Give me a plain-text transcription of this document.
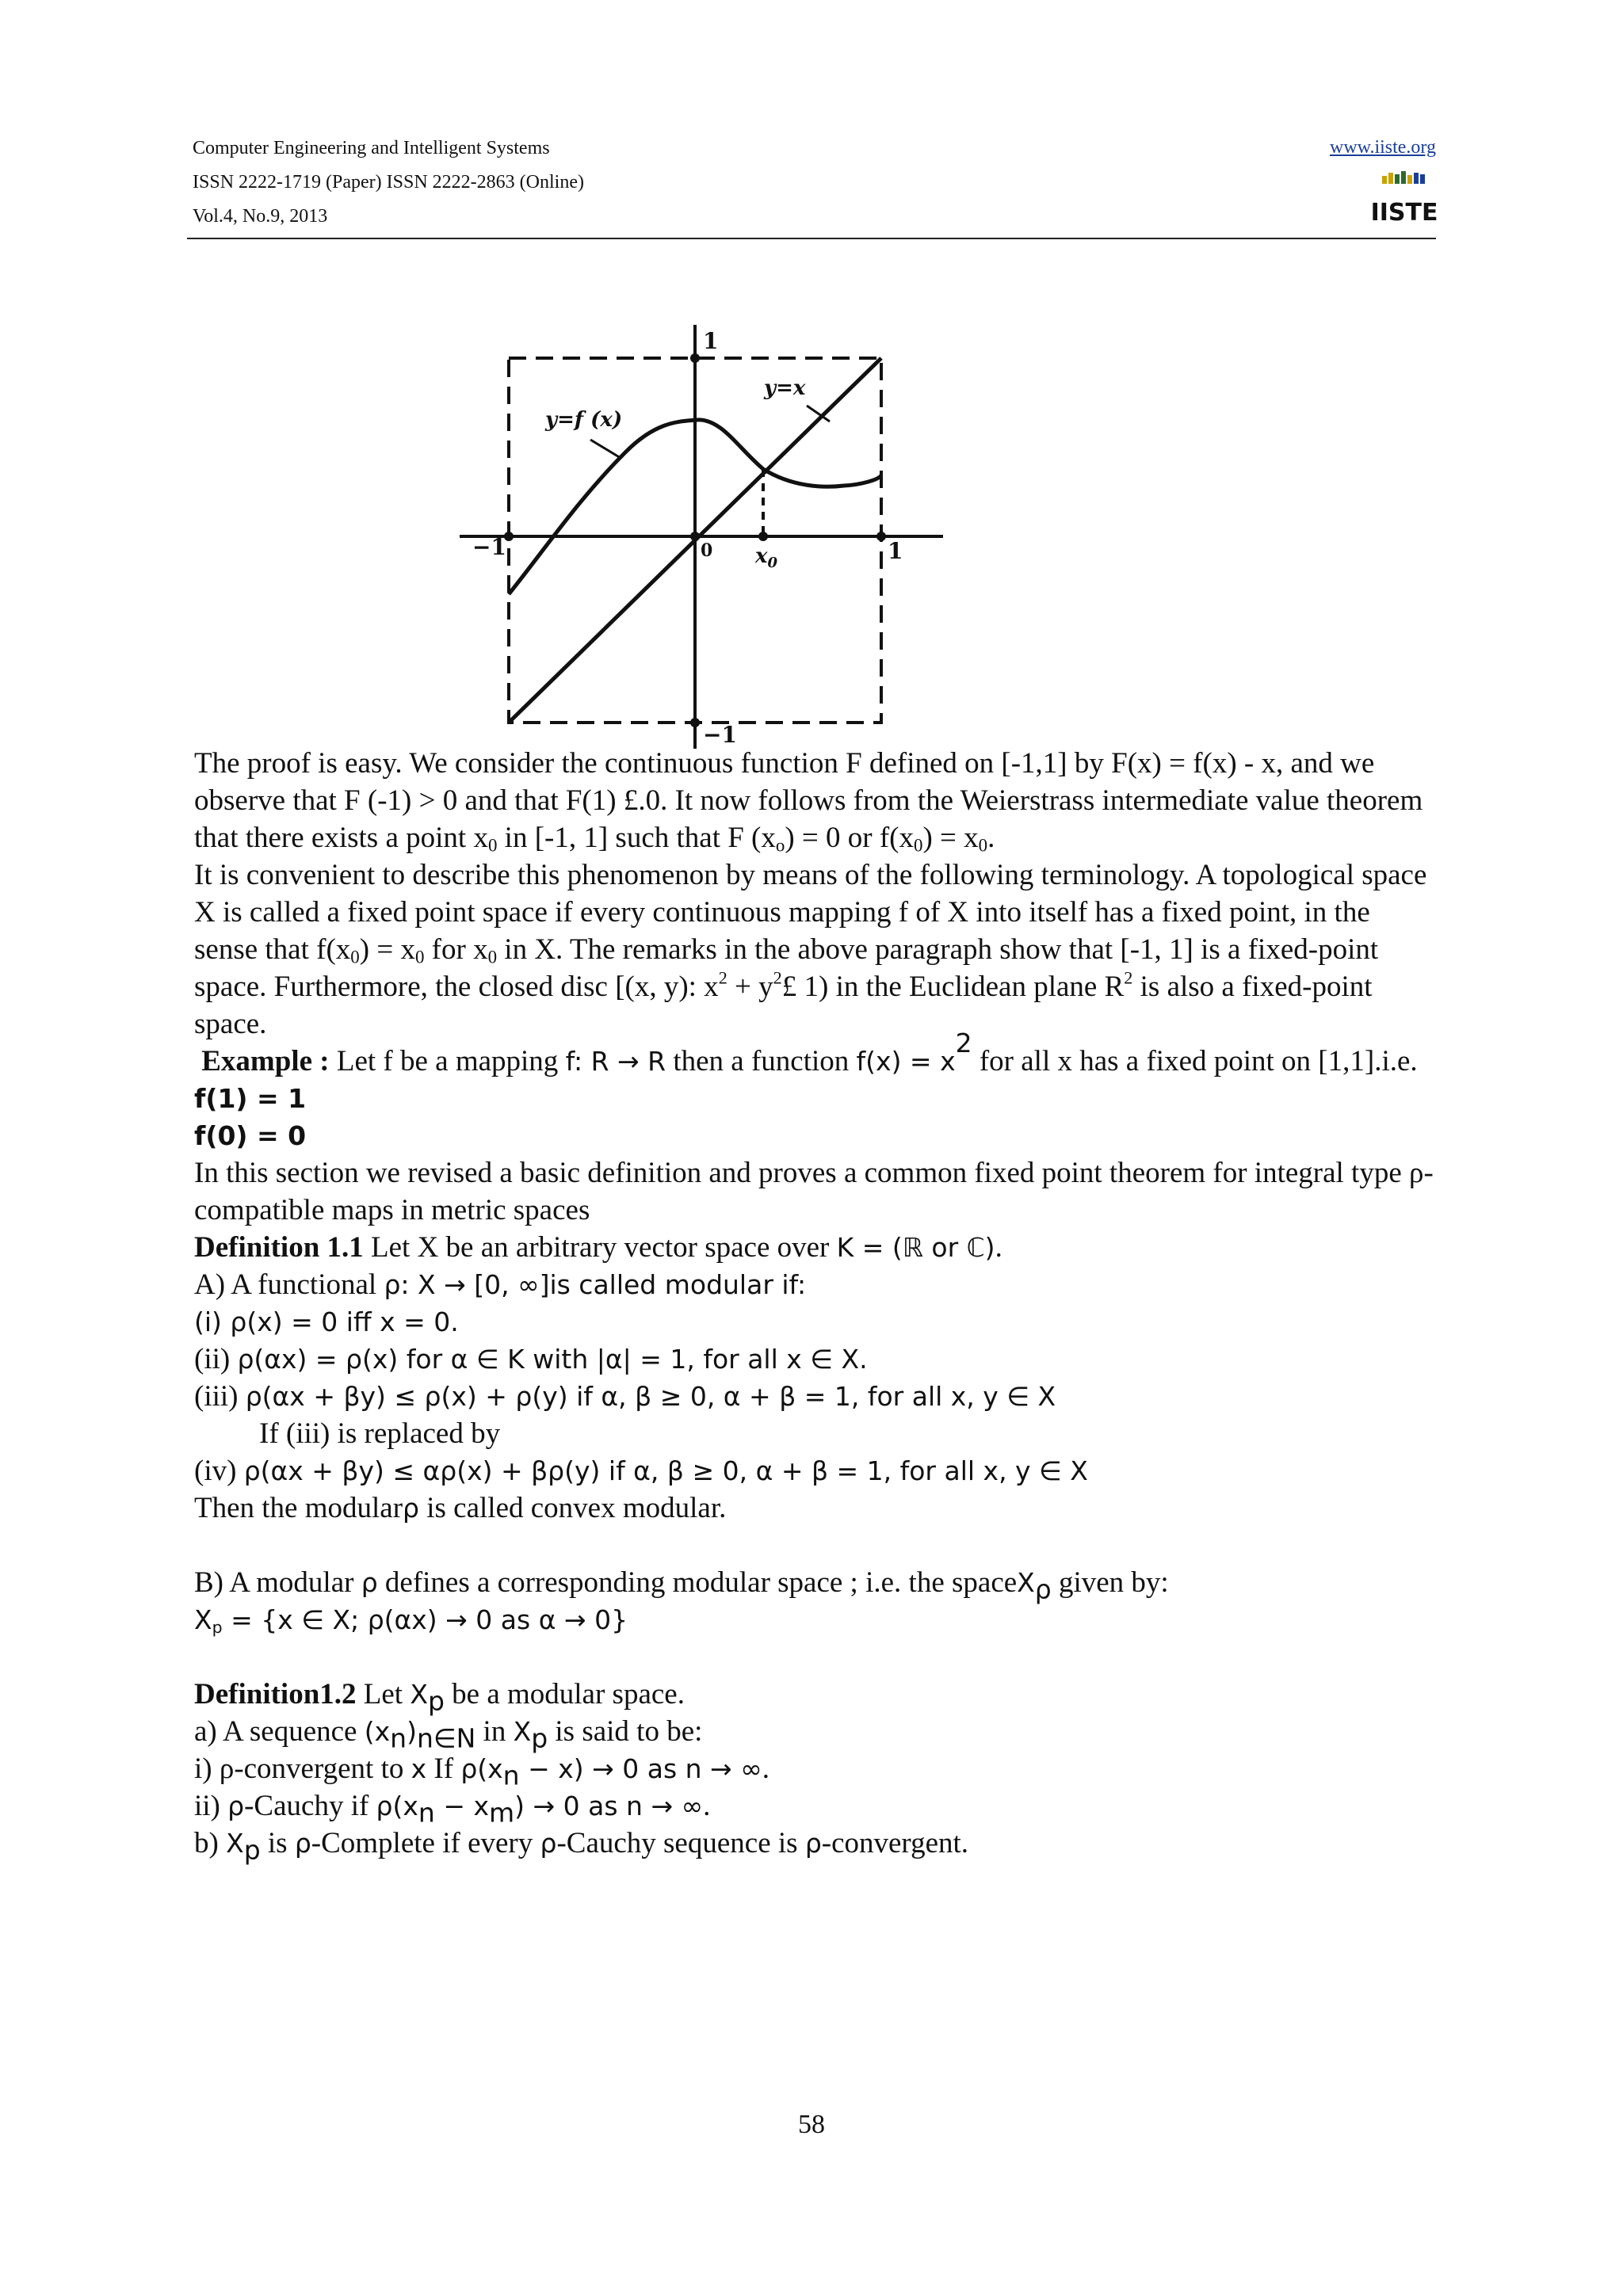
Computer Engineering and Intelligent Systems
ISSN 2222-1719 (Paper) ISSN 2222-2863 (Online)
Vol.4, No.9, 2013
www.iiste.org
IISTE
1
−1
−1	1
0 $x_0$
y=f (x)
y=x

The proof is easy. We consider the continuous function F defined on [-1,1] by F(x) = f(x) - x, and we observe that F (-1) > 0 and that F(1) £.0. It now follows from the Weierstrass intermediate value theorem that there exists a point $x_0$ in [-1, 1] such that F $(x_o) = 0$ or $f(x_0) = x_0$.

It is convenient to describe this phenomenon by means of the following terminology. A topological space X is called a fixed point space if every continuous mapping f of X into itself has a fixed point, in the sense that $f(x_0) = x_0$ for $x_0$ in X. The remarks in the above paragraph show that [-1, 1] is a fixed-point space. Furthermore, the closed disc [(x, y): $x^2$ + $y^2£$ 1) in the Euclidean plane $R^2$ is also a fixed-point space.

Example : Let f be a mapping f: R → R then a function $f(x) = x^2$ for all x has a fixed point on [1,1].i.e.

f(1) = 1

f(0) = 0

In this section we revised a basic definition and proves a common fixed point theorem for integral type ρ-compatible maps in metric spaces

Definition 1.1 Let X be an arbitrary vector space over K = (ℝ or ℂ).

A) A functional ρ: X → [0, ∞]is called modular if:

(i) ρ(x) = 0 iff x = 0.

(ii) ρ(αx) = ρ(x) for α ∈ K with |α| = 1, for all x ∈ X.

(iii) ρ(αx + βy) ≤ ρ(x) + ρ(y) if α, β ≥ 0, α + β = 1, for all x, y ∈ X

If (iii) is replaced by

(iv) ρ(αx + βy) ≤ αρ(x) + βρ(y) if α, β ≥ 0, α + β = 1, for all x, y ∈ X

Then the modularρ is called convex modular.

B) A modular ρ defines a corresponding modular space ; i.e. the spaceX$_\rho$ given by:

$X_p = \{x$ ∈ X; ρ(αx) → 0 as α → 0}

Definition1.2 Let $X_p$ be a modular space.

a) A sequence $(x_n)_{n\in N}$ in $X_p$ is said to be:

i) ρ-convergent to x If $\rho(x_n - x) \to 0$ as n → ∞.

ii) ρ-Cauchy if $\rho(x_n - x_m) \to 0$ as n → ∞.

b) $X_p$ is ρ-Complete if every ρ-Cauchy sequence is ρ-convergent.

58
